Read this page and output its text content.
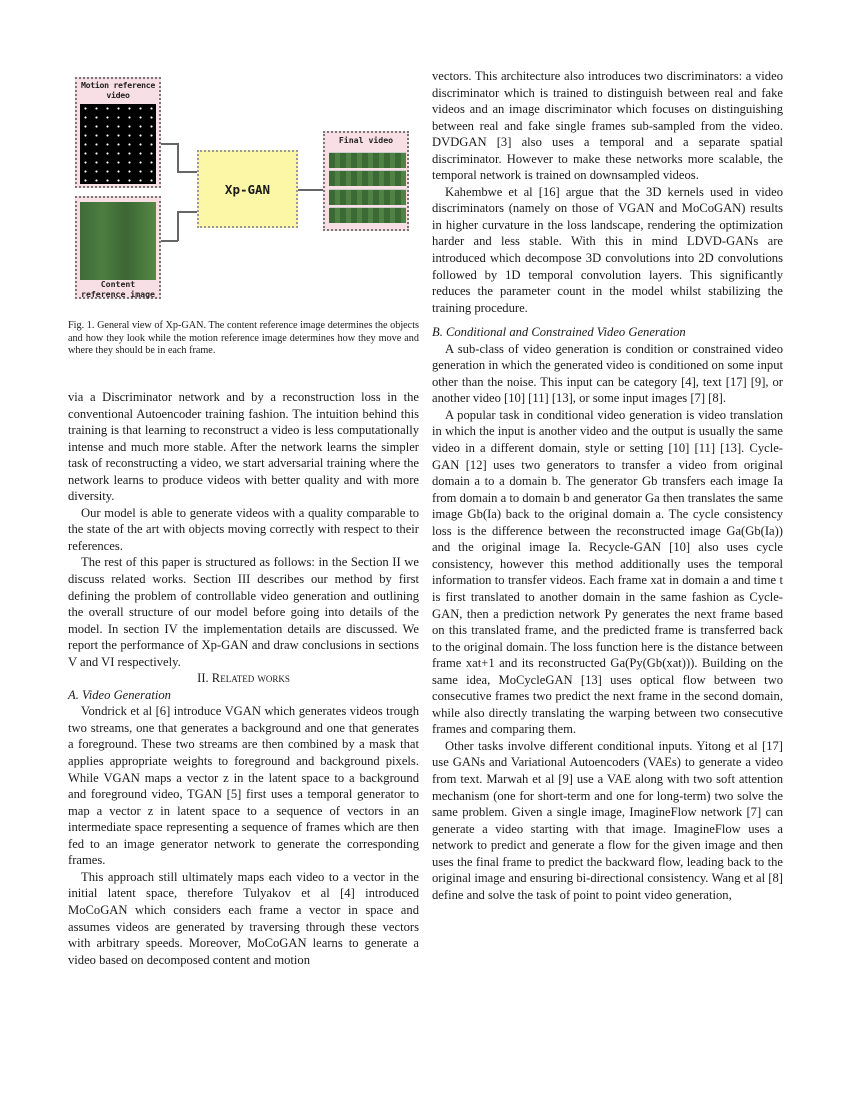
Motion reference video
Content reference image
Xp-GAN
Final video
Fig. 1. General view of Xp-GAN. The content reference image determines the objects and how they look while the motion reference image determines how they move and where they should be in each frame.

via a Discriminator network and by a reconstruction loss in the conventional Autoencoder training fashion. The intuition behind this training is that learning to reconstruct a video is less computationally intense and much more stable. After the network learns the simpler task of reconstructing a video, we start adversarial training where the network learns to produce videos with better quality and with more diversity.

Our model is able to generate videos with a quality comparable to the state of the art with objects moving correctly with respect to their references.

The rest of this paper is structured as follows: in the Section II we discuss related works. Section III describes our method by first defining the problem of controllable video generation and outlining the overall structure of our model before going into details of the model. In section IV the implementation details are discussed. We report the performance of Xp-GAN and draw conclusions in sections V and VI respectively.

II. Related works

A. Video Generation

Vondrick et al [6] introduce VGAN which generates videos trough two streams, one that generates a background and one that generates a foreground. These two streams are then combined by a mask that applies appropriate weights to foreground and background pixels. While VGAN maps a vector z in the latent space to a background and foreground video, TGAN [5] first uses a temporal generator to map a vector z in latent space to a sequence of vectors in an intermediate space representing a sequence of frames which are then fed to an image generator network to generate the corresponding frames.

This approach still ultimately maps each video to a vector in the initial latent space, therefore Tulyakov et al [4] introduced MoCoGAN which considers each frame a vector in space and assumes videos are generated by traversing through these vectors with arbitrary speeds. Moreover, MoCoGAN learns to generate a video based on decomposed content and motion

vectors. This architecture also introduces two discriminators: a video discriminator which is trained to distinguish between real and fake videos and an image discriminator which focuses on distinguishing between real and fake single frames sub-sampled from the video. DVDGAN [3] also uses a temporal and a separate spatial discriminator. However to make these networks more scalable, the temporal network is trained on downsampled videos.

Kahembwe et al [16] argue that the 3D kernels used in video discriminators (namely on those of VGAN and MoCoGAN) results in higher curvature in the loss landscape, rendering the optimization harder and less stable. With this in mind LDVD-GANs are introduced which decompose 3D convolutions into 2D convolutions followed by 1D temporal convolution layers. This significantly reduces the parameter count in the model whilst stabilizing the training procedure.

B. Conditional and Constrained Video Generation

A sub-class of video generation is condition or constrained video generation in which the generated video is conditioned on some input other than the noise. This input can be category [4], text [17] [9], or another video [10] [11] [13], or some input images [7] [8].

A popular task in conditional video generation is video translation in which the input is another video and the output is usually the same video in a different domain, style or setting [10] [11] [13]. Cycle-GAN [12] uses two generators to transfer a video from original domain a to a domain b. The generator Gb transfers each image Ia from domain a to domain b and generator Ga then translates the same image Gb(Ia) back to the original domain a. The cycle consistency loss is the difference between the reconstructed image Ga(Gb(Ia)) and the original image Ia. Recycle-GAN [10] also uses cycle consistency, however this method additionally uses the temporal information to transfer videos. Each frame xat in domain a and time t is first translated to another domain in the same fashion as Cycle-GAN, then a prediction network Py generates the next frame based on this translated frame, and the predicted frame is transferred back to the original domain. The loss function here is the distance between frame xat+1 and its reconstructed Ga(Py(Gb(xat))). Building on the same idea, MoCycleGAN [13] uses optical flow between two consecutive frames two predict the next frame in the second domain, while also directly translating the warping between two consecutive frames and comparing them.

Other tasks involve different conditional inputs. Yitong et al [17] use GANs and Variational Autoencoders (VAEs) to generate a video from text. Marwah et al [9] use a VAE along with two soft attention mechanism (one for short-term and one for long-term) two solve the same problem. Given a single image, ImagineFlow network [7] can generate a video starting with that image. ImagineFlow uses a network to predict and generate a flow for the given image and then uses the final frame to predict the backward flow, leading back to the original image and ensuring bi-directional consistency. Wang et al [8] define and solve the task of point to point video generation,
